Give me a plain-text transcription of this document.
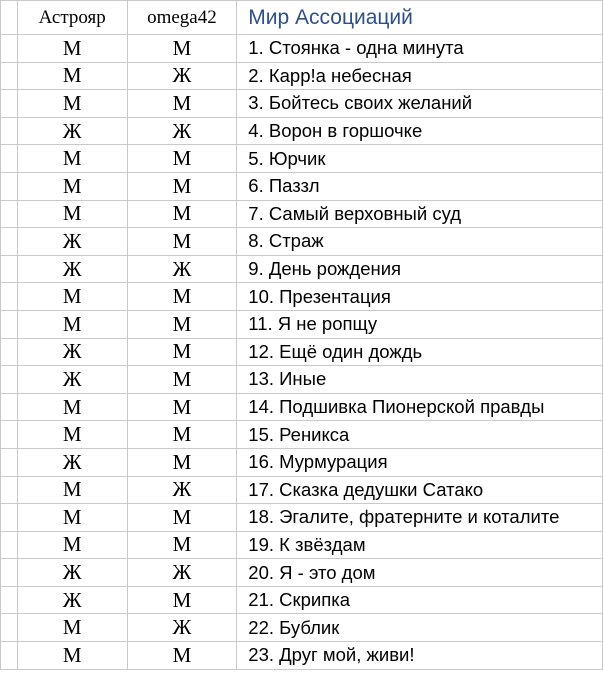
	Астрояр	omega42	Мир Ассоциаций
	М	М	1. Стоянка - одна минута
	М	Ж	2. Карр!а небесная
	М	М	3. Бойтесь своих желаний
	Ж	Ж	4. Ворон в горшочке
	М	М	5. Юрчик
	М	М	6. Паззл
	М	М	7. Самый верховный суд
	Ж	М	8. Страж
	Ж	Ж	9. День рождения
	М	М	10. Презентация
	М	М	11. Я не ропщу
	Ж	М	12. Ещё один дождь
	Ж	М	13. Иные
	М	М	14. Подшивка Пионерской правды
	М	М	15. Реникса
	Ж	М	16. Мурмурация
	М	Ж	17. Сказка дедушки Сатако
	М	М	18. Эгалите, фратерните и коталите
	М	М	19. К звёздам
	Ж	Ж	20. Я - это дом
	Ж	М	21. Скрипка
	М	Ж	22. Бублик
	М	М	23. Друг мой, живи!
